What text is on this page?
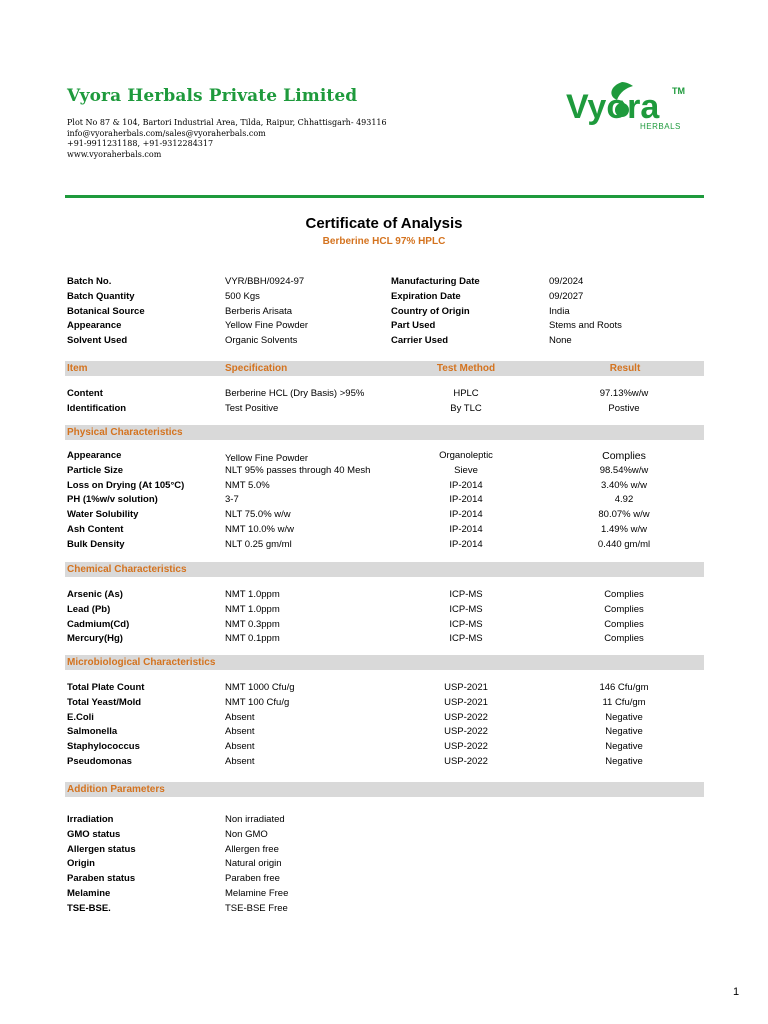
Vyora Herbals Private Limited
Plot No 87 & 104, Bartori Industrial Area, Tilda, Raipur, Chhattisgarh- 493116
info@vyoraherbals.com/sales@vyoraherbals.com
+91-9911231188, +91-9312284317
www.vyoraherbals.com
Vyora TM
HERBALS
Certificate of Analysis
Berberine HCL 97% HPLC
Batch No.	VYR/BBH/0924-97	Manufacturing Date	09/2024
Batch Quantity	500 Kgs	Expiration Date	09/2027
Botanical Source	Berberis Arisata	Country of Origin	India
Appearance	Yellow Fine Powder	Part Used	Stems and Roots
Solvent Used	Organic Solvents	Carrier Used	None
Item	Specification	Test Method	Result
Content	Berberine HCL (Dry Basis) >95%	HPLC	97.13%w/w
Identification	Test Positive	By TLC	Postive
Physical Characteristics
Appearance	Yellow Fine Powder	Organoleptic	Complies
Particle Size	NLT 95% passes through 40 Mesh	Sieve	98.54%w/w
Loss on Drying (At 105°C)	NMT 5.0%	IP-2014	3.40% w/w
PH (1%w/v solution)	3-7	IP-2014	4.92
Water Solubility	NLT 75.0% w/w	IP-2014	80.07% w/w
Ash Content	NMT 10.0% w/w	IP-2014	1.49% w/w
Bulk Density	NLT 0.25 gm/ml	IP-2014	0.440 gm/ml
Chemical Characteristics
Arsenic (As)	NMT 1.0ppm	ICP-MS	Complies
Lead (Pb)	NMT 1.0ppm	ICP-MS	Complies
Cadmium(Cd)	NMT 0.3ppm	ICP-MS	Complies
Mercury(Hg)	NMT 0.1ppm	ICP-MS	Complies
Microbiological Characteristics
Total Plate Count	NMT 1000 Cfu/g	USP-2021	146 Cfu/gm
Total Yeast/Mold	NMT 100 Cfu/g	USP-2021	11 Cfu/gm
E.Coli	Absent	USP-2022	Negative
Salmonella	Absent	USP-2022	Negative
Staphylococcus	Absent	USP-2022	Negative
Pseudomonas	Absent	USP-2022	Negative
Addition Parameters
Irradiation	Non irradiated
GMO status	Non GMO
Allergen status	Allergen free
Origin	Natural origin
Paraben status	Paraben free
Melamine	Melamine Free
TSE-BSE.	TSE-BSE Free
1
